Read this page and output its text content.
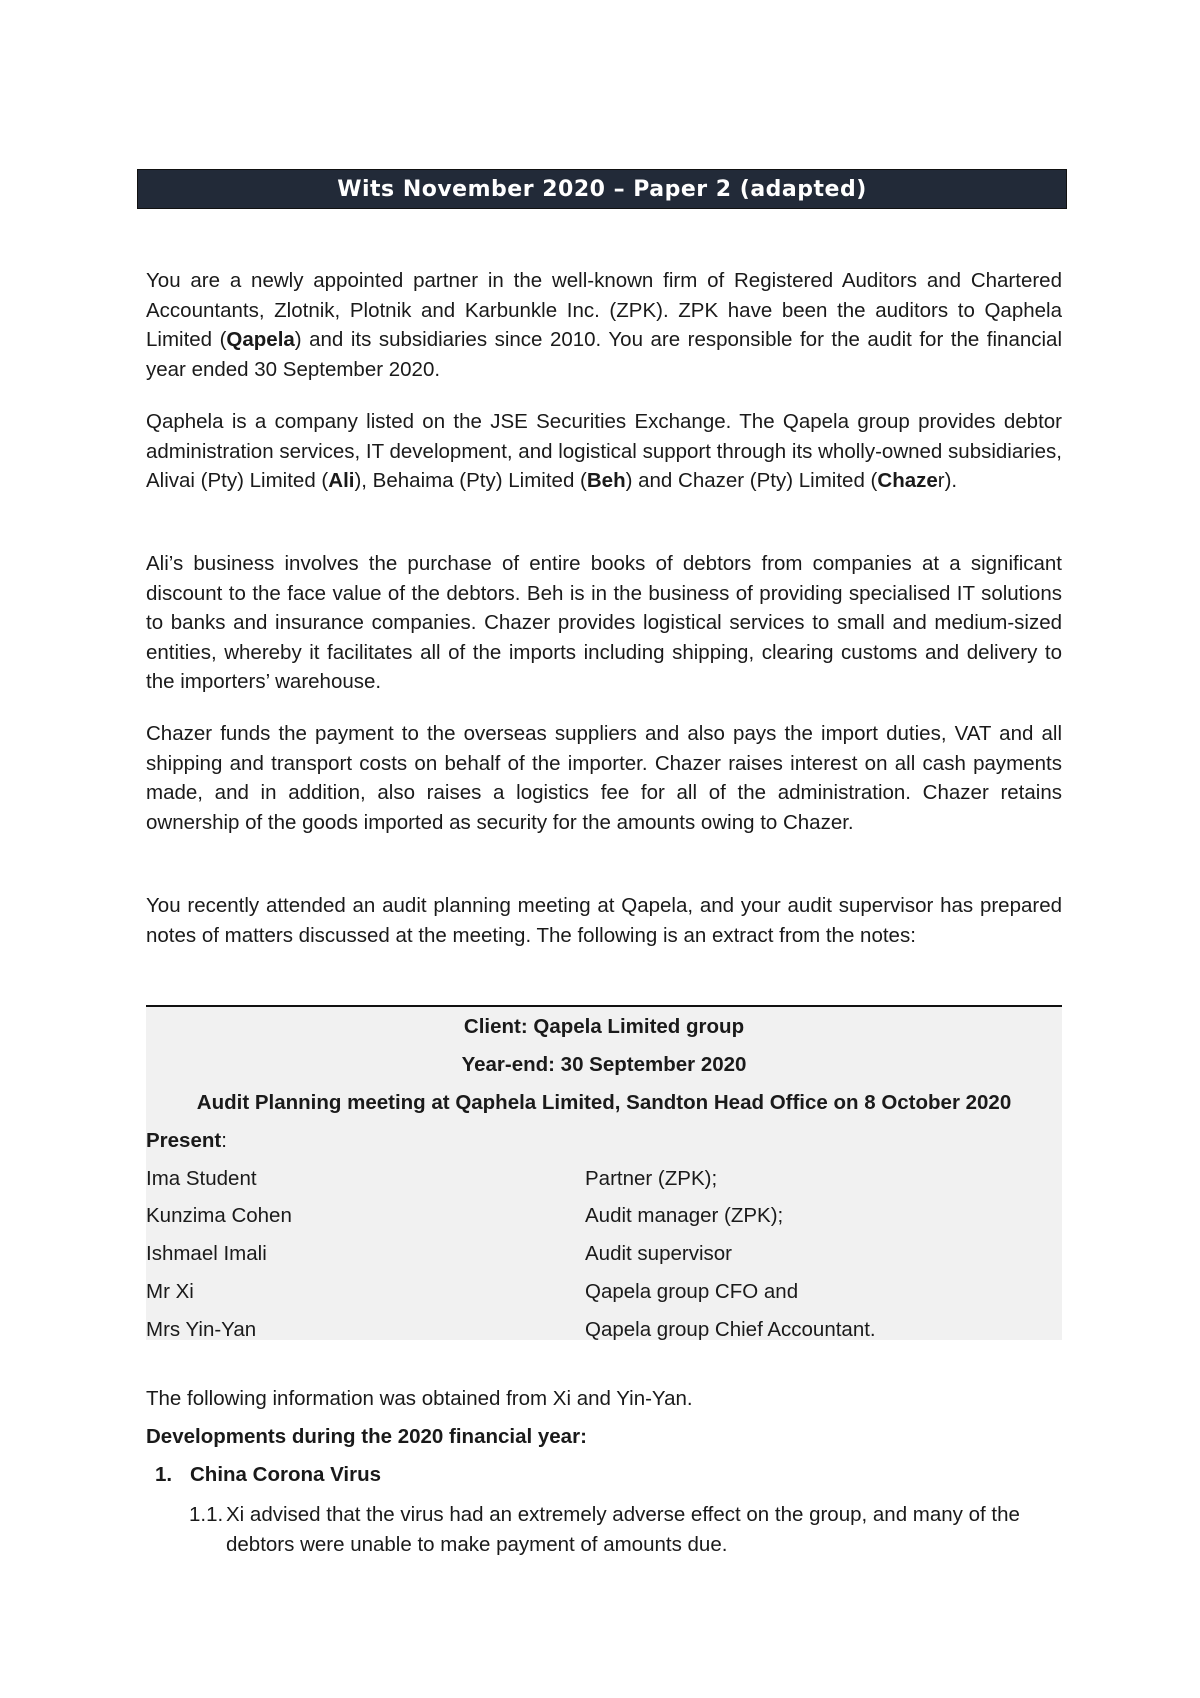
Wits November 2020 – Paper 2 (adapted)

You are a newly appointed partner in the well-known firm of Registered Auditors and Chartered Accountants, Zlotnik, Plotnik and Karbunkle Inc. (ZPK). ZPK have been the auditors to Qaphela Limited (Qapela) and its subsidiaries since 2010. You are responsible for the audit for the financial year ended 30 September 2020.

Qaphela is a company listed on the JSE Securities Exchange. The Qapela group provides debtor administration services, IT development, and logistical support through its wholly-owned subsidiaries, Alivai (Pty) Limited (Ali), Behaima (Pty) Limited (Beh) and Chazer (Pty) Limited (Chazer).

Ali’s business involves the purchase of entire books of debtors from companies at a significant discount to the face value of the debtors. Beh is in the business of providing specialised IT solutions to banks and insurance companies. Chazer provides logistical services to small and medium-sized entities, whereby it facilitates all of the imports including shipping, clearing customs and delivery to the importers’ warehouse.

Chazer funds the payment to the overseas suppliers and also pays the import duties, VAT and all shipping and transport costs on behalf of the importer. Chazer raises interest on all cash payments made, and in addition, also raises a logistics fee for all of the administration. Chazer retains ownership of the goods imported as security for the amounts owing to Chazer.

You recently attended an audit planning meeting at Qapela, and your audit supervisor has prepared notes of matters discussed at the meeting. The following is an extract from the notes:

Client: Qapela Limited group
Year-end: 30 September 2020
Audit Planning meeting at Qaphela Limited, Sandton Head Office on 8 October 2020
Present:
Ima Student	Partner (ZPK);
Kunzima Cohen	Audit manager (ZPK);
Ishmael Imali	Audit supervisor
Mr Xi	Qapela group CFO and
Mrs Yin-Yan	Qapela group Chief Accountant.
The following information was obtained from Xi and Yin-Yan.
Developments during the 2020 financial year:
1. China Corona Virus
1.1. Xi advised that the virus had an extremely adverse effect on the group, and many of the debtors were unable to make payment of amounts due.
